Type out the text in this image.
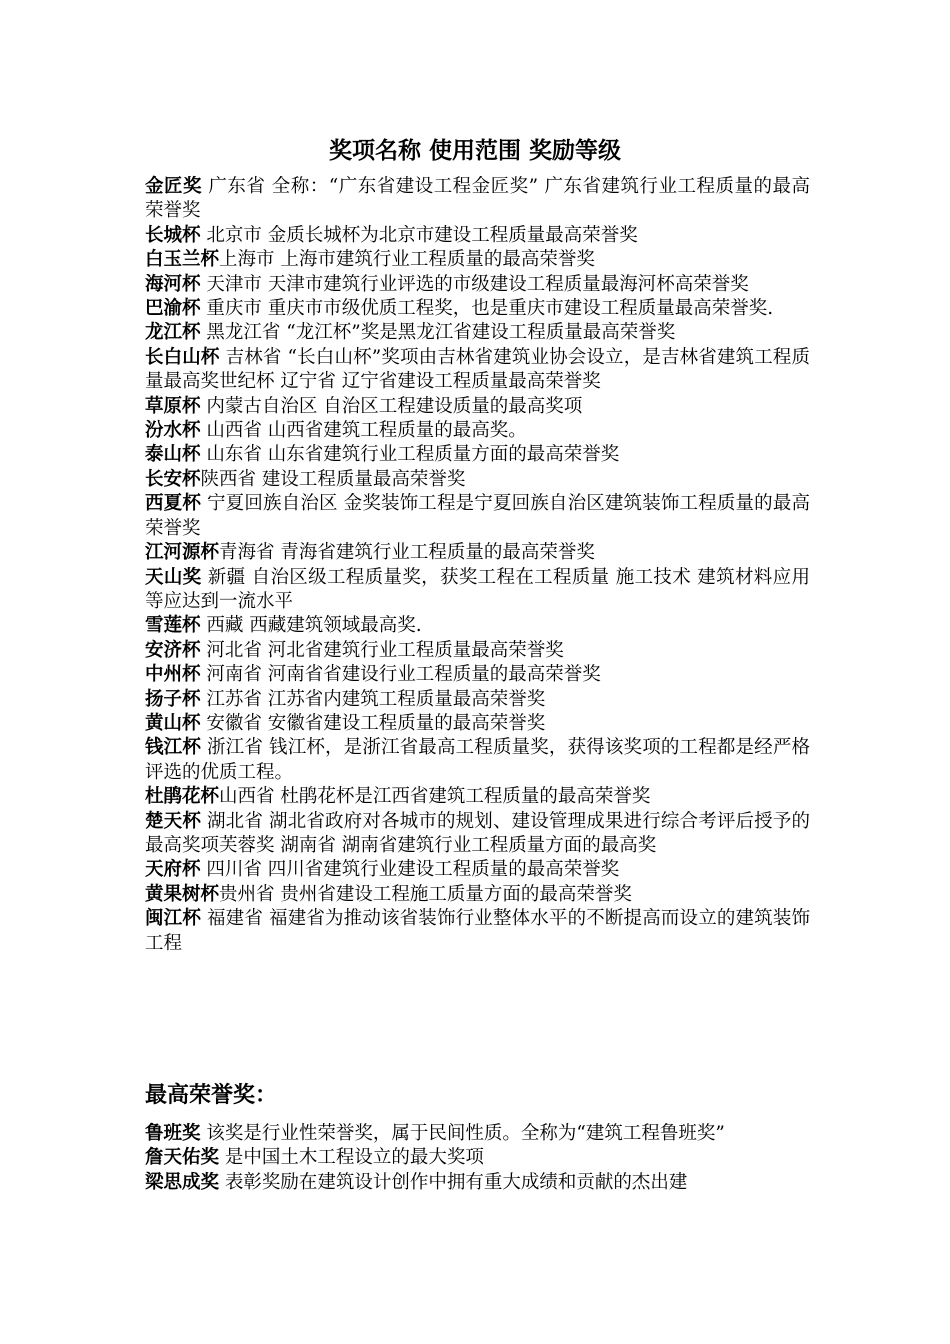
奖项名称 使用范围 奖励等级

金匠奖 广东省 全称：“广东省建设工程金匠奖” 广东省建筑行业工程质量的最高荣誉奖

长城杯 北京市 金质长城杯为北京市建设工程质量最高荣誉奖

白玉兰杯上海市 上海市建筑行业工程质量的最高荣誉奖

海河杯 天津市 天津市建筑行业评选的市级建设工程质量最海河杯高荣誉奖

巴渝杯 重庆市 重庆市市级优质工程奖，也是重庆市建设工程质量最高荣誉奖.

龙江杯 黑龙江省 “龙江杯”奖是黑龙江省建设工程质量最高荣誉奖

长白山杯 吉林省 “长白山杯”奖项由吉林省建筑业协会设立，是吉林省建筑工程质量最高奖世纪杯 辽宁省 辽宁省建设工程质量最高荣誉奖

草原杯 内蒙古自治区 自治区工程建设质量的最高奖项

汾水杯 山西省 山西省建筑工程质量的最高奖。

泰山杯 山东省 山东省建筑行业工程质量方面的最高荣誉奖

长安杯陕西省 建设工程质量最高荣誉奖

西夏杯 宁夏回族自治区 金奖装饰工程是宁夏回族自治区建筑装饰工程质量的最高荣誉奖

江河源杯青海省 青海省建筑行业工程质量的最高荣誉奖

天山奖 新疆 自治区级工程质量奖，获奖工程在工程质量 施工技术 建筑材料应用等应达到一流水平

雪莲杯 西藏 西藏建筑领域最高奖.

安济杯 河北省 河北省建筑行业工程质量最高荣誉奖

中州杯 河南省 河南省省建设行业工程质量的最高荣誉奖

扬子杯 江苏省 江苏省内建筑工程质量最高荣誉奖

黄山杯 安徽省 安徽省建设工程质量的最高荣誉奖

钱江杯 浙江省 钱江杯，是浙江省最高工程质量奖，获得该奖项的工程都是经严格评选的优质工程。

杜鹃花杯山西省 杜鹃花杯是江西省建筑工程质量的最高荣誉奖

楚天杯 湖北省 湖北省政府对各城市的规划、建设管理成果进行综合考评后授予的最高奖项芙蓉奖 湖南省 湖南省建筑行业工程质量方面的最高奖

天府杯 四川省 四川省建筑行业建设工程质量的最高荣誉奖

黄果树杯贵州省 贵州省建设工程施工质量方面的最高荣誉奖

闽江杯 福建省 福建省为推动该省装饰行业整体水平的不断提高而设立的建筑装饰工程

最高荣誉奖：

鲁班奖 该奖是行业性荣誉奖，属于民间性质。全称为“建筑工程鲁班奖”

詹天佑奖 是中国土木工程设立的最大奖项

梁思成奖 表彰奖励在建筑设计创作中拥有重大成绩和贡献的杰出建
